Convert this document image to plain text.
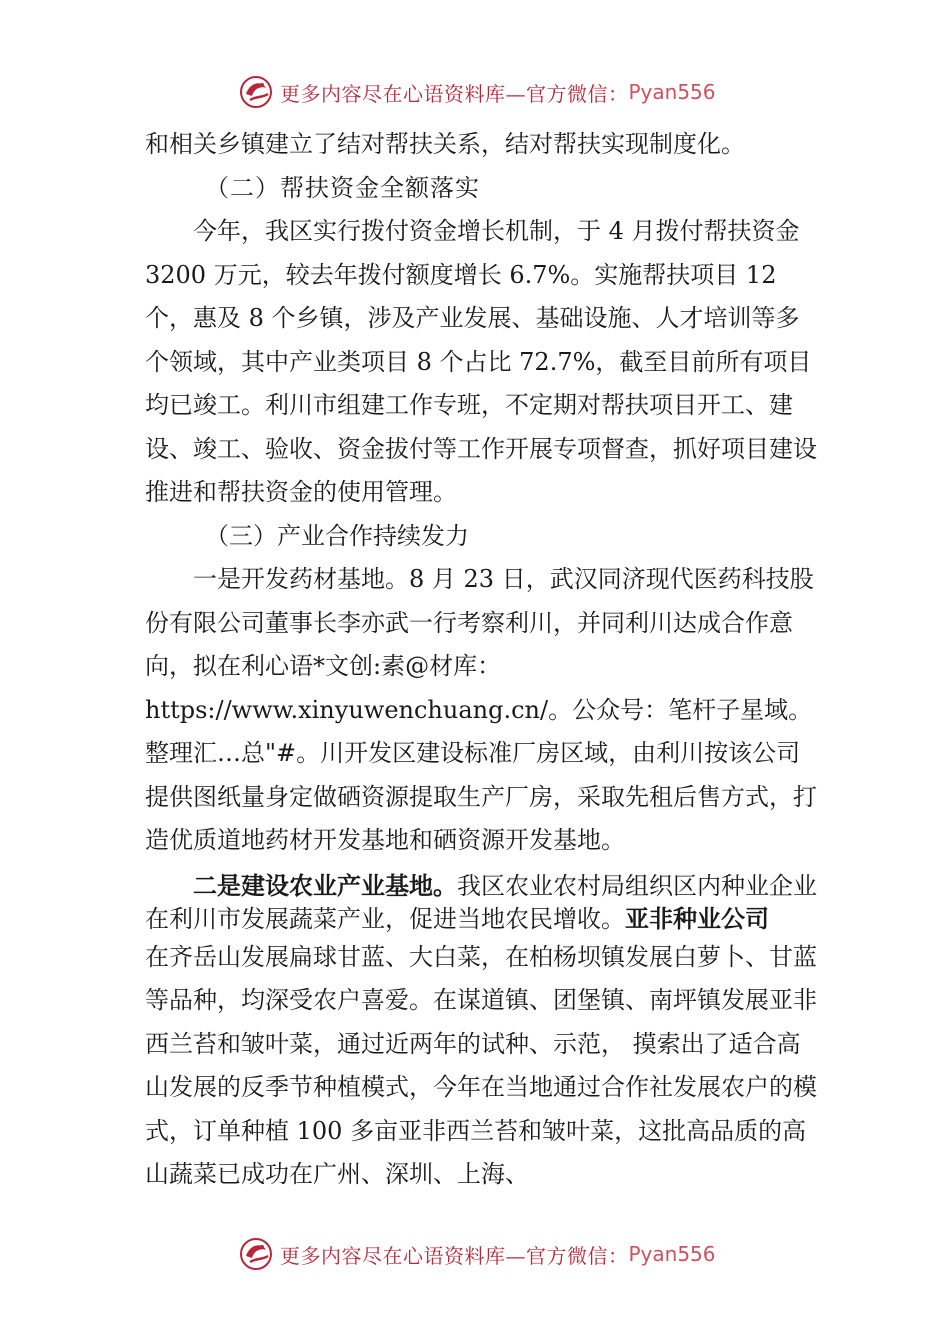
更多内容尽在心语资料库—官方微信： Pyan556

和相关乡镇建立了结对帮扶关系，结对帮扶实现制度化。

（二）帮扶资金全额落实

今年，我区实行拨付资金增长机制，于 4 月拨付帮扶资金 3200 万元，较去年拨付额度增长 6.7%。实施帮扶项目 12 个，惠及 8 个乡镇，涉及产业发展、基础设施、人才培训等多个领域，其中产业类项目 8 个占比 72.7%，截至目前所有项目均已竣工。利川市组建工作专班，不定期对帮扶项目开工、建设、竣工、验收、资金拔付等工作开展专项督查，抓好项目建设推进和帮扶资金的使用管理。

（三）产业合作持续发力

一是开发药材基地。8 月 23 日，武汉同济现代医药科技股份有限公司董事长李亦武一行考察利川，并同利川达成合作意向，拟在利心语*文创:素@材库：https://www.xinyuwenchuang.cn/。公众号：笔杆子星域。整理汇…总"#。川开发区建设标准厂房区域，由利川按该公司提供图纸量身定做硒资源提取生产厂房，采取先租后售方式，打造优质道地药材开发基地和硒资源开发基地。

二是建设农业产业基地。我区农业农村局组织区内种业企业在利川市发展蔬菜产业，促进当地农民增收。亚非种业公司

在齐岳山发展扁球甘蓝、大白菜，在柏杨坝镇发展白萝卜、甘蓝等品种，均深受农户喜爱。在谋道镇、团堡镇、南坪镇发展亚非西兰苔和皱叶菜，通过近两年的试种、示范， 摸索出了适合高山发展的反季节种植模式，今年在当地通过合作社发展农户的模式，订单种植 100 多亩亚非西兰苔和皱叶菜，这批高品质的高山蔬菜已成功在广州、深圳、上海、

更多内容尽在心语资料库—官方微信： Pyan556
